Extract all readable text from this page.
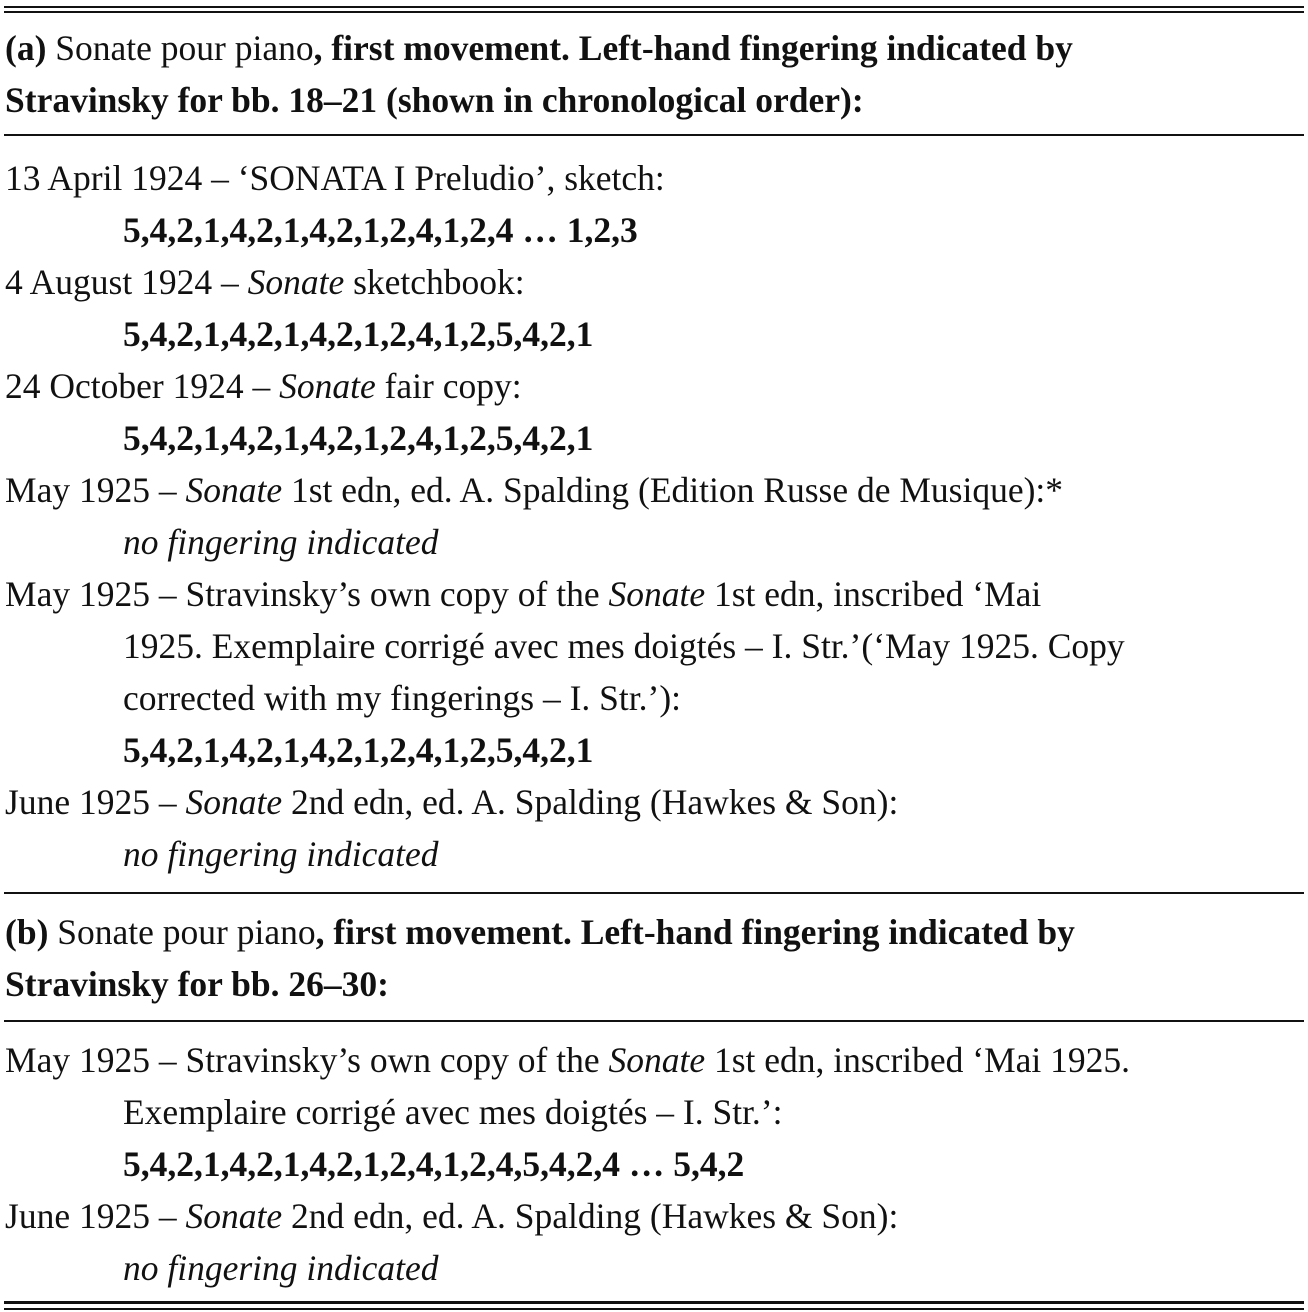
(a) Sonate pour piano, first movement. Left-hand fingering indicated by
Stravinsky for bb. 18–21 (shown in chronological order):
13 April 1924 – ‘SONATA I Preludio’, sketch:
5,4,2,1,4,2,1,4,2,1,2,4,1,2,4 … 1,2,3
4 August 1924 – Sonate sketchbook:
5,4,2,1,4,2,1,4,2,1,2,4,1,2,5,4,2,1
24 October 1924 – Sonate fair copy:
5,4,2,1,4,2,1,4,2,1,2,4,1,2,5,4,2,1
May 1925 – Sonate 1st edn, ed. A. Spalding (Edition Russe de Musique):*
no fingering indicated
May 1925 – Stravinsky’s own copy of the Sonate 1st edn, inscribed ‘Mai
1925. Exemplaire corrigé avec mes doigtés – I. Str.’(‘May 1925. Copy
corrected with my fingerings – I. Str.’):
5,4,2,1,4,2,1,4,2,1,2,4,1,2,5,4,2,1
June 1925 – Sonate 2nd edn, ed. A. Spalding (Hawkes & Son):
no fingering indicated
(b) Sonate pour piano, first movement. Left-hand fingering indicated by
Stravinsky for bb. 26–30:
May 1925 – Stravinsky’s own copy of the Sonate 1st edn, inscribed ‘Mai 1925.
Exemplaire corrigé avec mes doigtés – I. Str.’:
5,4,2,1,4,2,1,4,2,1,2,4,1,2,4,5,4,2,4 … 5,4,2
June 1925 – Sonate 2nd edn, ed. A. Spalding (Hawkes & Son):
no fingering indicated
